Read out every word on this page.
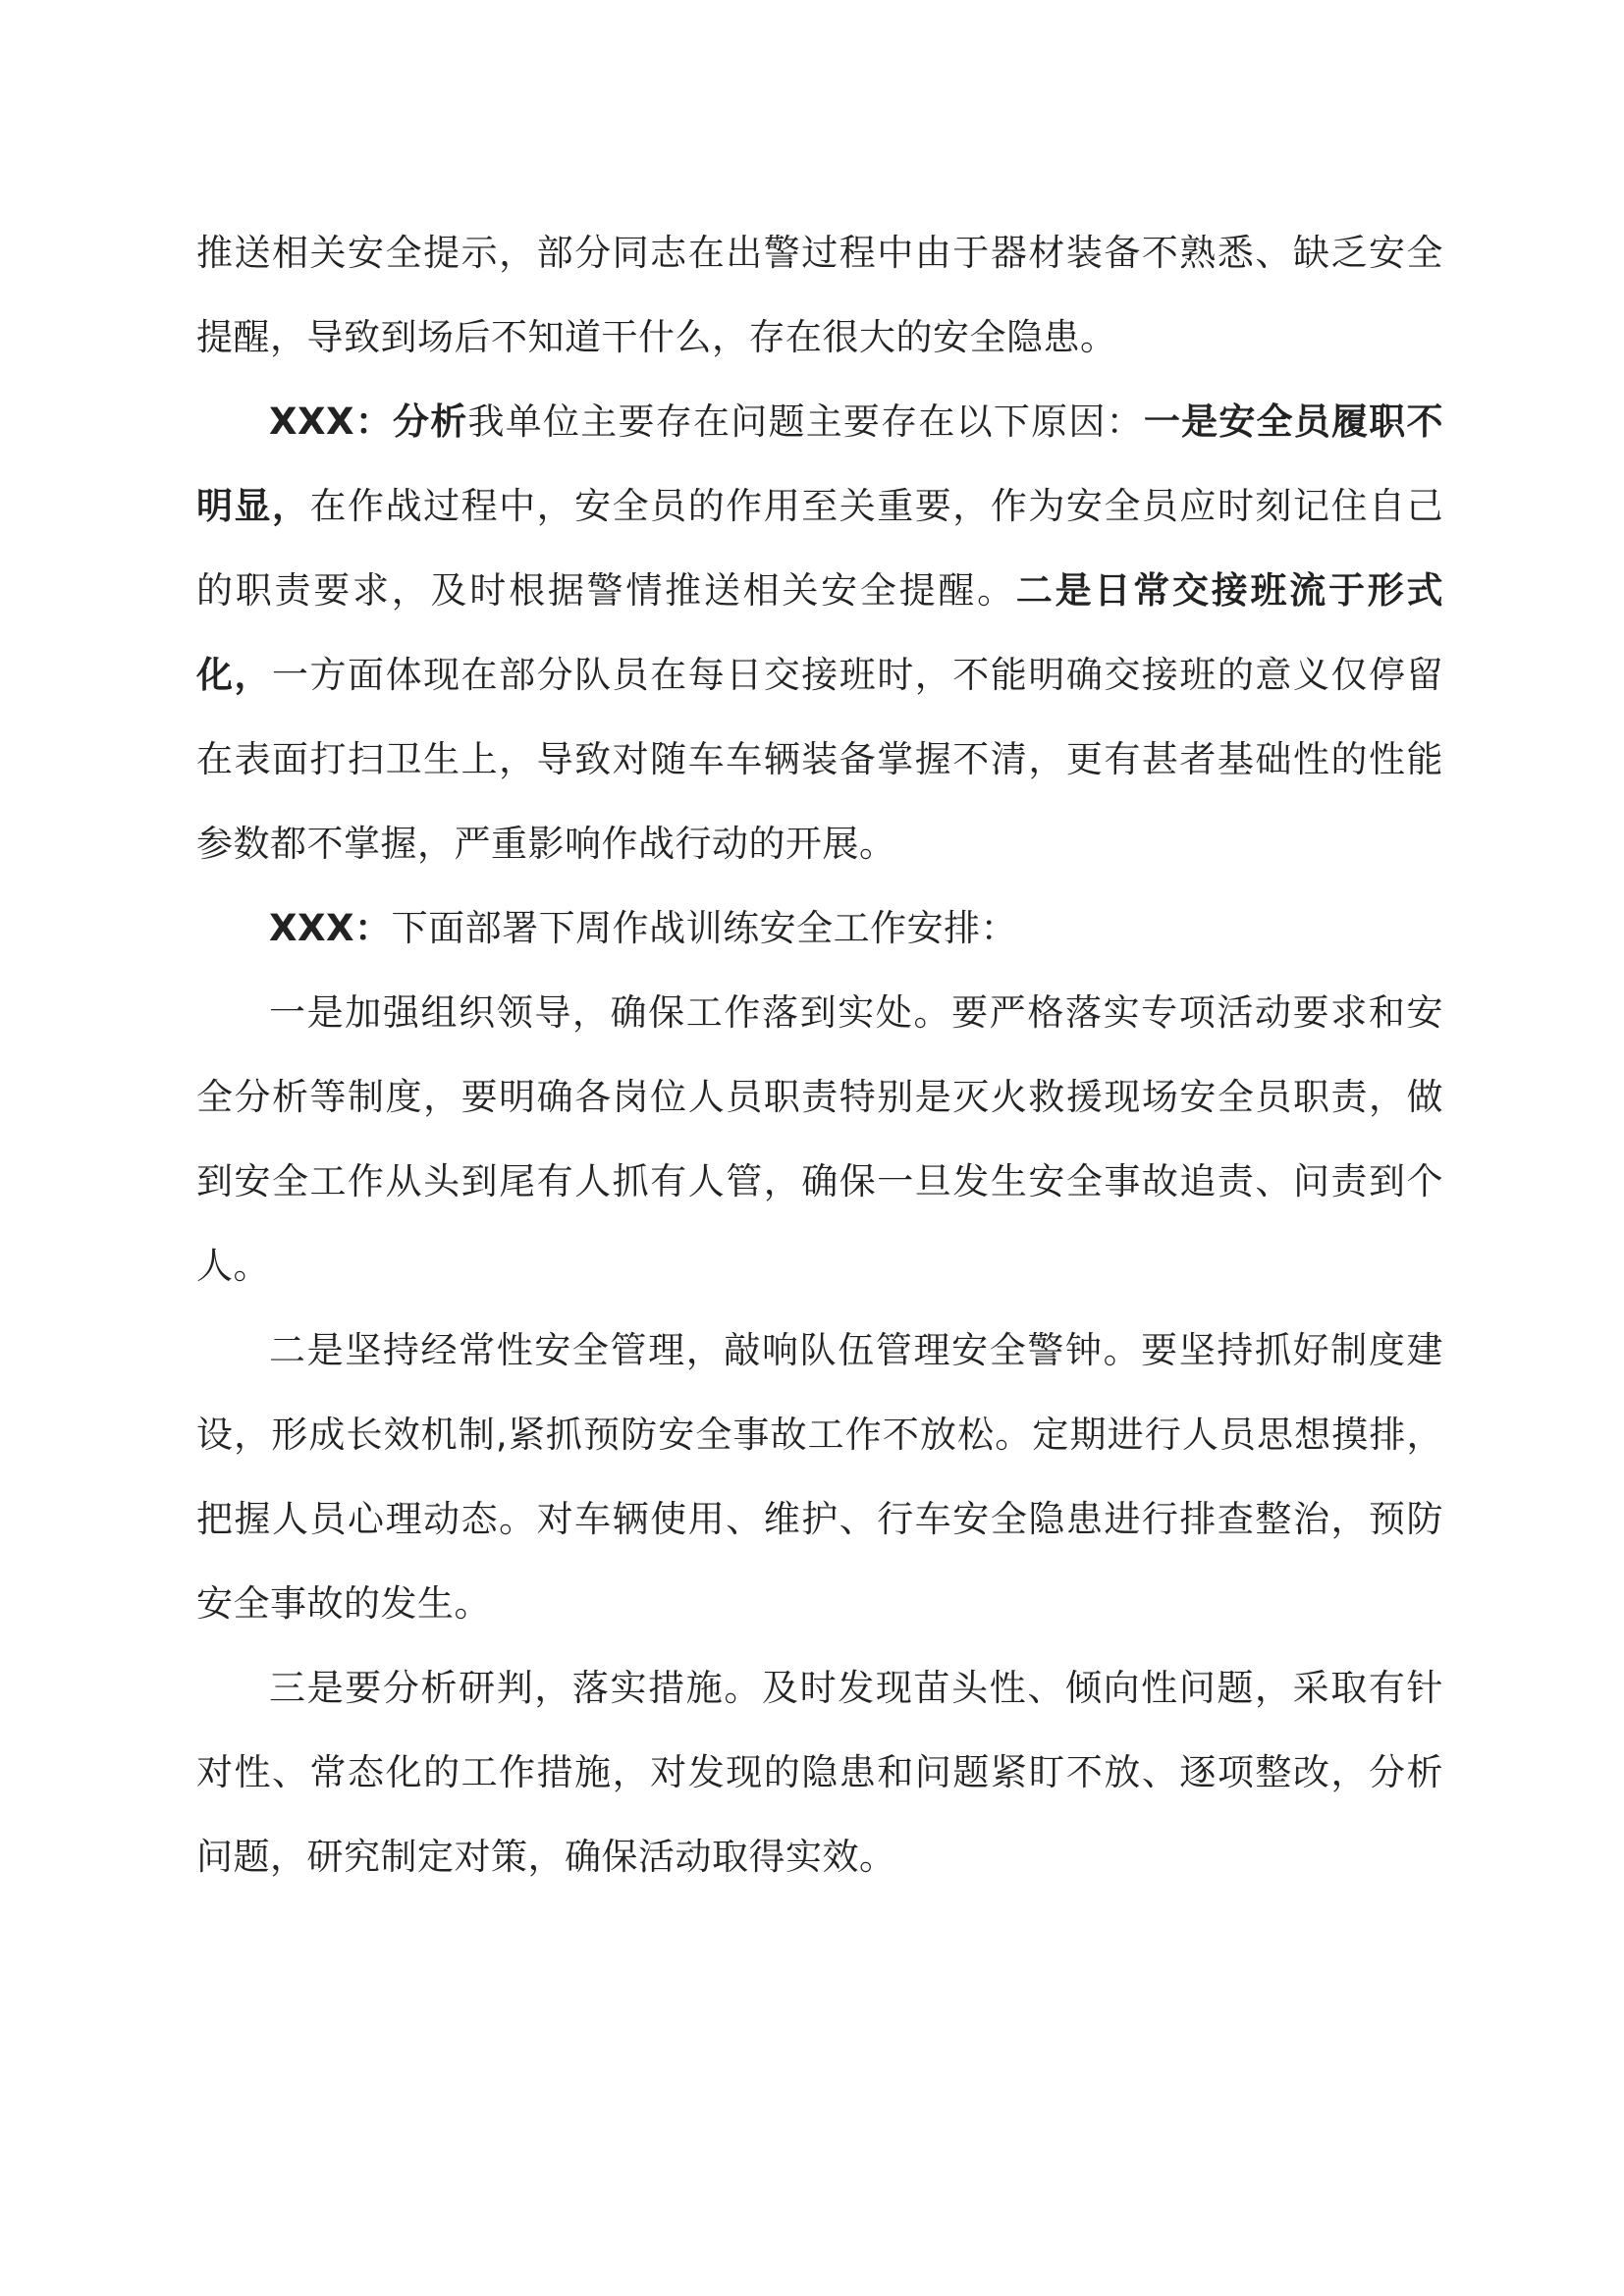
推送相关安全提示，部分同志在出警过程中由于器材装备不熟悉、缺乏安全提醒，导致到场后不知道干什么，存在很大的安全隐患。

XXX：分析我单位主要存在问题主要存在以下原因：一是安全员履职不明显，在作战过程中，安全员的作用至关重要，作为安全员应时刻记住自己的职责要求，及时根据警情推送相关安全提醒。二是日常交接班流于形式化，一方面体现在部分队员在每日交接班时，不能明确交接班的意义仅停留在表面打扫卫生上，导致对随车车辆装备掌握不清，更有甚者基础性的性能参数都不掌握，严重影响作战行动的开展。

XXX：下面部署下周作战训练安全工作安排：

一是加强组织领导，确保工作落到实处。要严格落实专项活动要求和安全分析等制度，要明确各岗位人员职责特别是灭火救援现场安全员职责，做到安全工作从头到尾有人抓有人管，确保一旦发生安全事故追责、问责到个人。

二是坚持经常性安全管理，敲响队伍管理安全警钟。要坚持抓好制度建设，形成长效机制,紧抓预防安全事故工作不放松。定期进行人员思想摸排，把握人员心理动态。对车辆使用、维护、行车安全隐患进行排查整治，预防安全事故的发生。

三是要分析研判，落实措施。及时发现苗头性、倾向性问题，采取有针对性、常态化的工作措施，对发现的隐患和问题紧盯不放、逐项整改，分析问题，研究制定对策，确保活动取得实效。
